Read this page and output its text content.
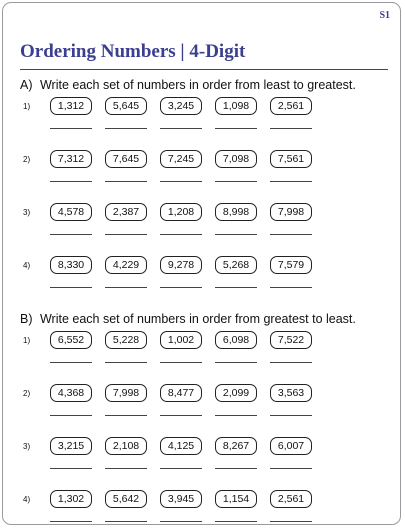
S1
Ordering Numbers | 4-Digit
A) Write each set of numbers in order from least to greatest.
B) Write each set of numbers in order from greatest to least.
1)	1,312	5,645	3,245	1,098	2,561
2)	7,312	7,645	7,245	7,098	7,561
3)	4,578	2,387	1,208	8,998	7,998
4)	8,330	4,229	9,278	5,268	7,579
1)	6,552	5,228	1,002	6,098	7,522
2)	4,368	7,998	8,477	2,099	3,563
3)	3,215	2,108	4,125	8,267	6,007
4)	1,302	5,642	3,945	1,154	2,561
